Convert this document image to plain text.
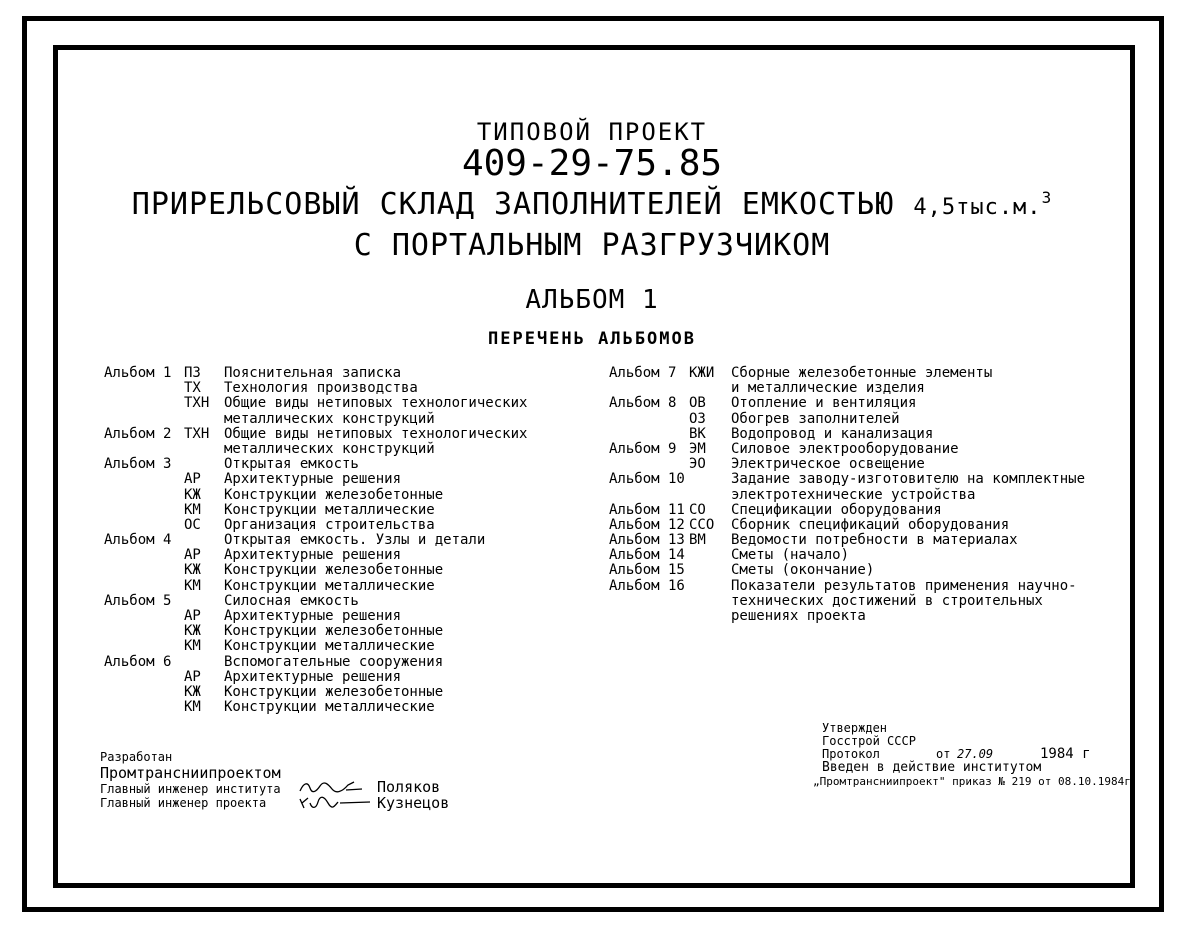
ТИПОВОЙ ПРОЕКТ
409-29-75.85
ПРИРЕЛЬСОВЫЙ СКЛАД ЗАПОЛНИТЕЛЕЙ ЕМКОСТЬЮ 4,5тыс.м.$^3$
С ПОРТАЛЬНЫМ РАЗГРУЗЧИКОМ
АЛЬБОМ 1
ПЕРЕЧЕНЬ АЛЬБОМОВ
Альбом 1 ПЗ Пояснительная записка
ТХ Технология производства
ТХН Общие виды нетиповых технологических
металлических конструкций
Альбом 2 ТХН Общие виды нетиповых технологических
металлических конструкций
Альбом 3	Открытая емкость
АР Архитектурные решения
КЖ Конструкции железобетонные
КМ Конструкции металлические
ОС Организация строительства
Альбом 4	Открытая емкость. Узлы и детали
АР Архитектурные решения
КЖ Конструкции железобетонные
КМ Конструкции металлические
Альбом 5	Силосная емкость
АР Архитектурные решения
КЖ Конструкции железобетонные
КМ Конструкции металлические
Альбом 6	Вспомогательные сооружения
АР Архитектурные решения
КЖ Конструкции железобетонные
КМ Конструкции металлические
Альбом 7 КЖИ Сборные железобетонные элементы
и металлические изделия
Альбом 8 ОВ Отопление и вентиляция
ОЗ Обогрев заполнителей
ВК Водопровод и канализация
Альбом 9 ЭМ Силовое электрооборудование
ЭО Электрическое освещение
Альбом 10	Задание заводу-изготовителю на комплектные
электротехнические устройства
Альбом 11 СО Спецификации оборудования
Альбом 12 ССО Сборник спецификаций оборудования
Альбом 13 ВМ Ведомости потребности в материалах
Альбом 14	Сметы (начало)
Альбом 15	Сметы (окончание)
Альбом 16	Показатели результатов применения научно-
технических достижений в строительных
решениях проекта
Разработан
Промтрансниипроектом
Главный инженер института	Поляков
Главный инженер проекта	Кузнецов
Утвержден
Госстрой СССР
Протокол	от 27.09	1984 г
Введен в действие институтом
„Промтрансниипроект" приказ № 219 от 08.10.1984г
